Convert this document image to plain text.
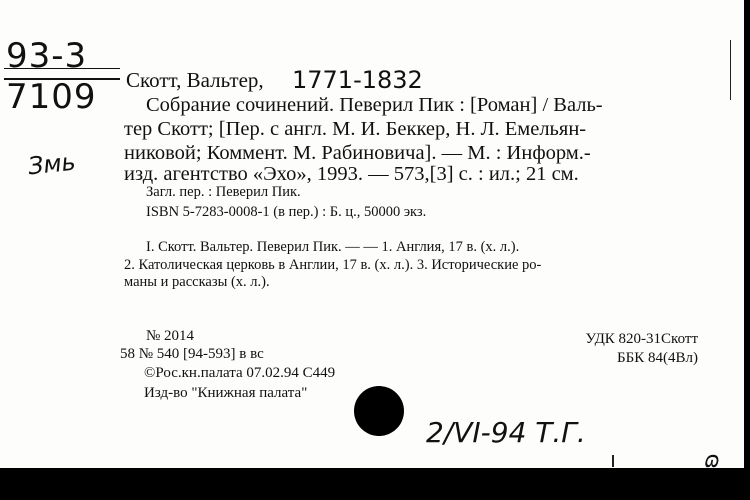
93-3
7109
Змь
Скотт, Вальтер, 1771-1832
Собрание сочинений. Певерил Пик : [Роман] / Валь-
тер Скотт; [Пер. с англ. М. И. Беккер, Н. Л. Емельян-
никовой; Коммент. М. Рабиновича]. — М. : Информ.-
изд. агентство «Эхо», 1993. — 573,[3] с. : ил.; 21 см.
Загл. пер. : Певерил Пик.
ISBN 5-7283-0008-1 (в пер.) : Б. ц., 50000 экз.
I. Скотт. Вальтер. Певерил Пик. — — 1. Англия, 17 в. (х. л.).
2. Католическая церковь в Англии, 17 в. (х. л.). 3. Исторические ро-
маны и рассказы (х. л.).
№ 2014
58 № 540 [94-593] в вс
©Рос.кн.палата 07.02.94 С449
Изд-во "Книжная палата"
УДК 820-31Скотт
ББК 84(4Вл)
2/VI-94 Т.Г.
ɷ
